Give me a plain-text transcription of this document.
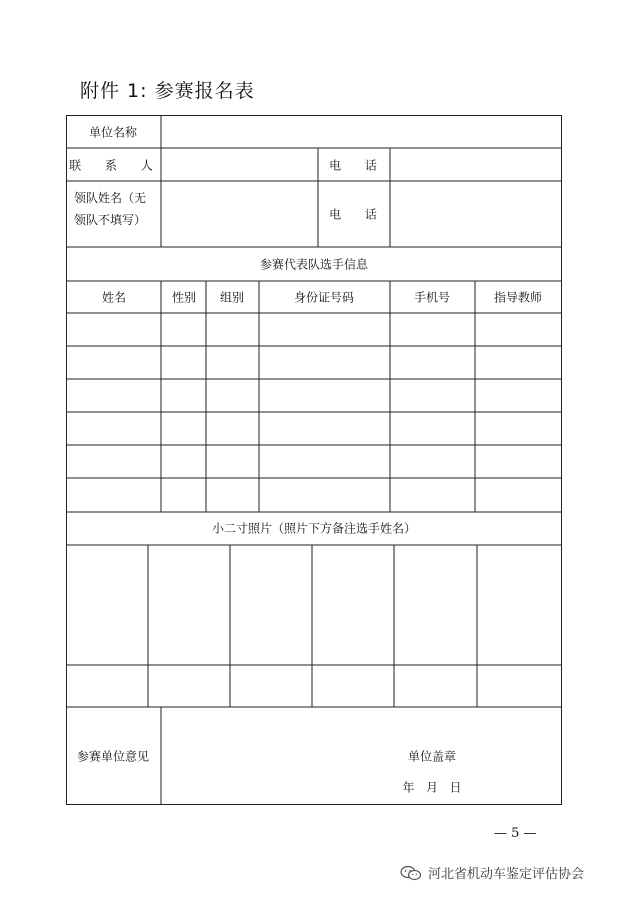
附件 1: 参赛报名表
单位名称
联 系 人	电 话
领队姓名（无
领队不填写）	电 话
参赛代表队选手信息
姓名	性别 组别	身份证号码	手机号	指导教师
小二寸照片（照片下方备注选手姓名）
参赛单位意见	单位盖章
年   月   日
— 5 —
河北省机动车鉴定评估协会
